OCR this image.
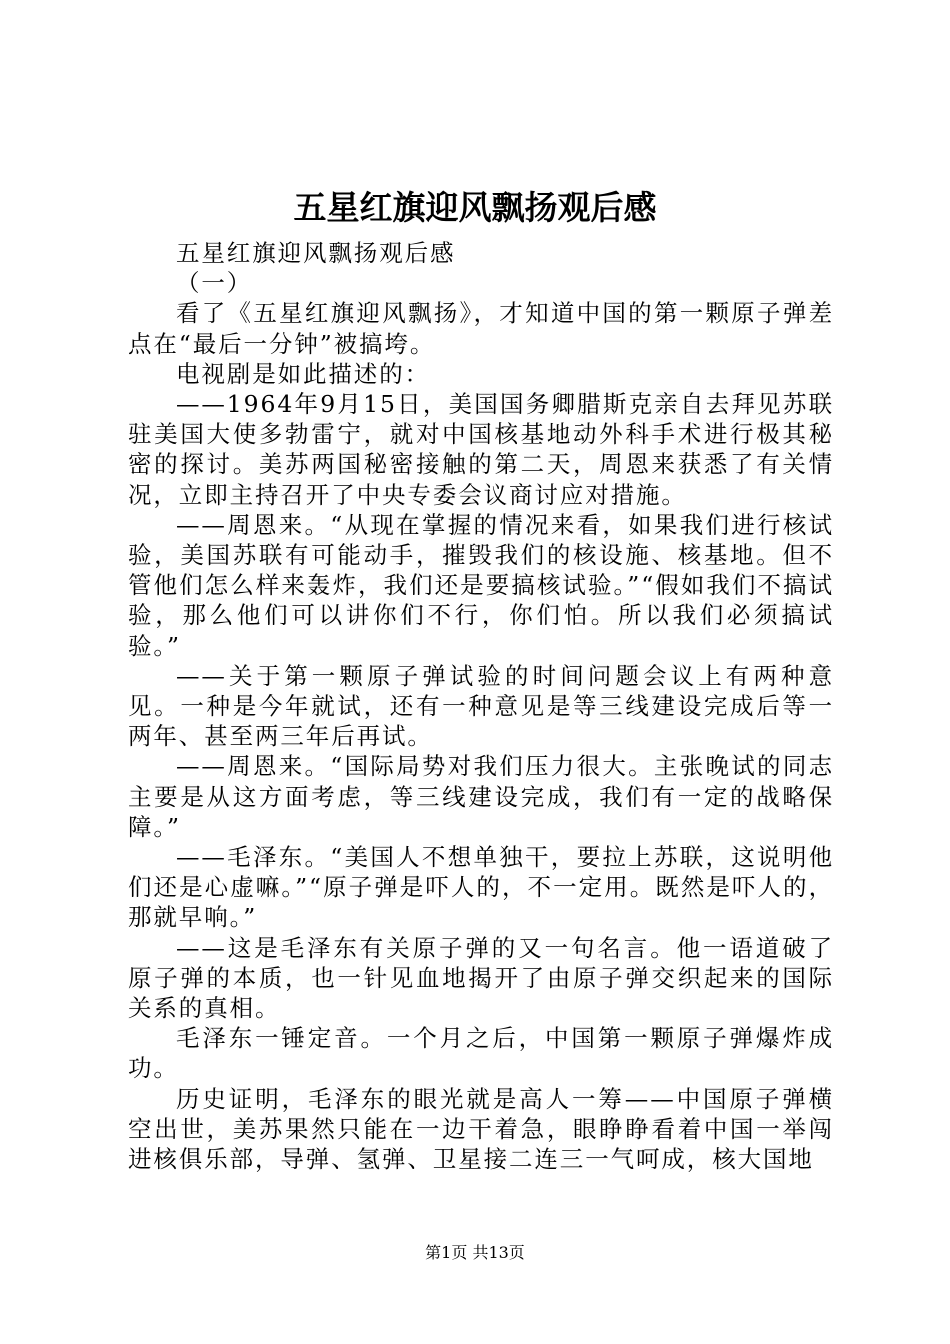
五星红旗迎风飘扬观后感

五星红旗迎风飘扬观后感

（一）

看了《五星红旗迎风飘扬》，才知道中国的第一颗原子弹差点在“最后一分钟”被搞垮。

电视剧是如此描述的：

——1964年9月15日，美国国务卿腊斯克亲自去拜见苏联驻美国大使多勃雷宁，就对中国核基地动外科手术进行极其秘密的探讨。美苏两国秘密接触的第二天，周恩来获悉了有关情况，立即主持召开了中央专委会议商讨应对措施。

——周恩来。“从现在掌握的情况来看，如果我们进行核试验，美国苏联有可能动手，摧毁我们的核设施、核基地。但不管他们怎么样来轰炸，我们还是要搞核试验。”“假如我们不搞试验，那么他们可以讲你们不行，你们怕。所以我们必须搞试验。”

——关于第一颗原子弹试验的时间问题会议上有两种意见。一种是今年就试，还有一种意见是等三线建设完成后等一两年、甚至两三年后再试。

——周恩来。“国际局势对我们压力很大。主张晚试的同志主要是从这方面考虑，等三线建设完成，我们有一定的战略保障。”

——毛泽东。“美国人不想单独干，要拉上苏联，这说明他们还是心虚嘛。”“原子弹是吓人的，不一定用。既然是吓人的，那就早响。”

——这是毛泽东有关原子弹的又一句名言。他一语道破了原子弹的本质，也一针见血地揭开了由原子弹交织起来的国际关系的真相。

毛泽东一锤定音。一个月之后，中国第一颗原子弹爆炸成功。

历史证明，毛泽东的眼光就是高人一筹——中国原子弹横空出世，美苏果然只能在一边干着急，眼睁睁看着中国一举闯进核俱乐部，导弹、氢弹、卫星接二连三一气呵成，核大国地

第1页 共13页
